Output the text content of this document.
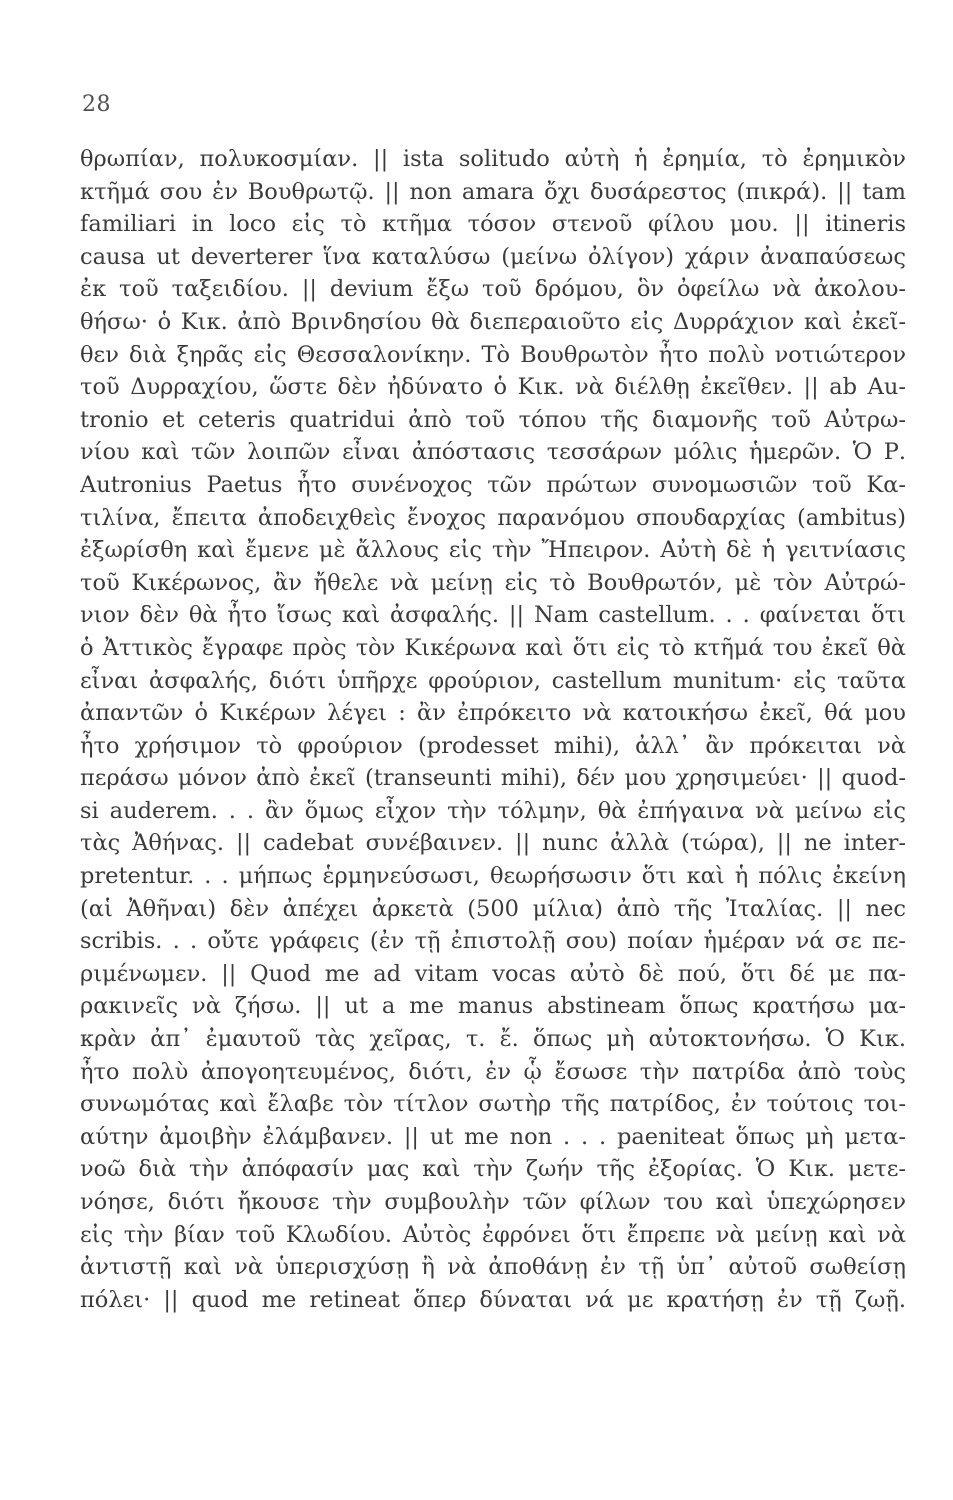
28
θρωπίαν, πολυκοσμίαν. || ista solitudo αὐτὴ ἡ ἐρημία, τὸ ἐρημικὸν
κτῆμά σου ἐν Βουθρωτῷ. || non amara ὄχι δυσάρεστος (πικρά). || tam
familiari in loco εἰς τὸ κτῆμα τόσον στενοῦ φίλου μου. || itineris
causa ut deverterer ἵνα καταλύσω (μείνω ὀλίγον) χάριν ἀναπαύσεως
ἐκ τοῦ ταξειδίου. || devium ἔξω τοῦ δρόμου, ὃν ὀφείλω νὰ ἀκολου-
θήσω· ὁ Κικ. ἀπὸ Βρινδησίου θὰ διεπεραιοῦτο εἰς Δυρράχιον καὶ ἐκεῖ-
θεν διὰ ξηρᾶς εἰς Θεσσαλονίκην. Τὸ Βουθρωτὸν ἦτο πολὺ νοτιώτερον
τοῦ Δυρραχίου, ὥστε δὲν ἠδύνατο ὁ Κικ. νὰ διέλθῃ ἐκεῖθεν. || ab Au-
tronio et ceteris quatridui ἀπὸ τοῦ τόπου τῆς διαμονῆς τοῦ Αὐτρω-
νίου καὶ τῶν λοιπῶν εἶναι ἀπόστασις τεσσάρων μόλις ἡμερῶν. Ὁ Ρ.
Autronius Paetus ἦτο συνένοχος τῶν πρώτων συνομωσιῶν τοῦ Κα-
τιλίνα, ἔπειτα ἀποδειχθεὶς ἔνοχος παρανόμου σπουδαρχίας (ambitus)
ἐξωρίσθη καὶ ἔμενε μὲ ἄλλους εἰς τὴν Ἤπειρον. Αὐτὴ δὲ ἡ γειτνίασις
τοῦ Κικέρωνος, ἂν ἤθελε νὰ μείνῃ εἰς τὸ Βουθρωτόν, μὲ τὸν Αὐτρώ-
νιον δὲν θὰ ἦτο ἴσως καὶ ἀσφαλής. || Nam castellum. . . φαίνεται ὅτι
ὁ Ἀττικὸς ἔγραφε πρὸς τὸν Κικέρωνα καὶ ὅτι εἰς τὸ κτῆμά του ἐκεῖ θὰ
εἶναι ἀσφαλής, διότι ὑπῆρχε φρούριον, castellum munitum· εἰς ταῦτα
ἀπαντῶν ὁ Κικέρων λέγει : ἂν ἐπρόκειτο νὰ κατοικήσω ἐκεῖ, θά μου
ἦτο χρήσιμον τὸ φρούριον (prodesset mihi), ἀλλ᾽ ἂν πρόκειται νὰ
περάσω μόνον ἀπὸ ἐκεῖ (transeunti mihi), δέν μου χρησιμεύει· || quod-
si auderem. . . ἂν ὅμως εἶχον τὴν τόλμην, θὰ ἐπήγαινα νὰ μείνω εἰς
τὰς Ἀθήνας. || cadebat συνέβαινεν. || nunc ἀλλὰ (τώρα), || ne inter-
pretentur. . . μήπως ἑρμηνεύσωσι, θεωρήσωσιν ὅτι καὶ ἡ πόλις ἐκείνη
(αἱ Ἀθῆναι) δὲν ἀπέχει ἀρκετὰ (500 μίλια) ἀπὸ τῆς Ἰταλίας. || nec
scribis. . . οὔτε γράφεις (ἐν τῇ ἐπιστολῇ σου) ποίαν ἡμέραν νά σε πε-
ριμένωμεν. || Quod me ad vitam vocas αὐτὸ δὲ πού, ὅτι δέ με πα-
ρακινεῖς νὰ ζήσω. || ut a me manus abstineam ὅπως κρατήσω μα-
κρὰν ἀπ᾽ ἐμαυτοῦ τὰς χεῖρας, τ. ἔ. ὅπως μὴ αὐτοκτονήσω. Ὁ Κικ.
ἦτο πολὺ ἀπογοητευμένος, διότι, ἐν ᾧ ἔσωσε τὴν πατρίδα ἀπὸ τοὺς
συνωμότας καὶ ἔλαβε τὸν τίτλον σωτὴρ τῆς πατρίδος, ἐν τούτοις τοι-
αύτην ἀμοιβὴν ἐλάμβανεν. || ut me non . . . paeniteat ὅπως μὴ μετα-
νοῶ διὰ τὴν ἀπόφασίν μας καὶ τὴν ζωήν τῆς ἐξορίας. Ὁ Κικ. μετε-
νόησε, διότι ἤκουσε τὴν συμβουλὴν τῶν φίλων του καὶ ὑπεχώρησεν
εἰς τὴν βίαν τοῦ Κλωδίου. Αὐτὸς ἐφρόνει ὅτι ἔπρεπε νὰ μείνῃ καὶ νὰ
ἀντιστῇ καὶ νὰ ὑπερισχύσῃ ἢ νὰ ἀποθάνῃ ἐν τῇ ὑπ᾽ αὐτοῦ σωθείσῃ
πόλει· || quod me retineat ὅπερ δύναται νά με κρατήσῃ ἐν τῇ ζωῇ.
